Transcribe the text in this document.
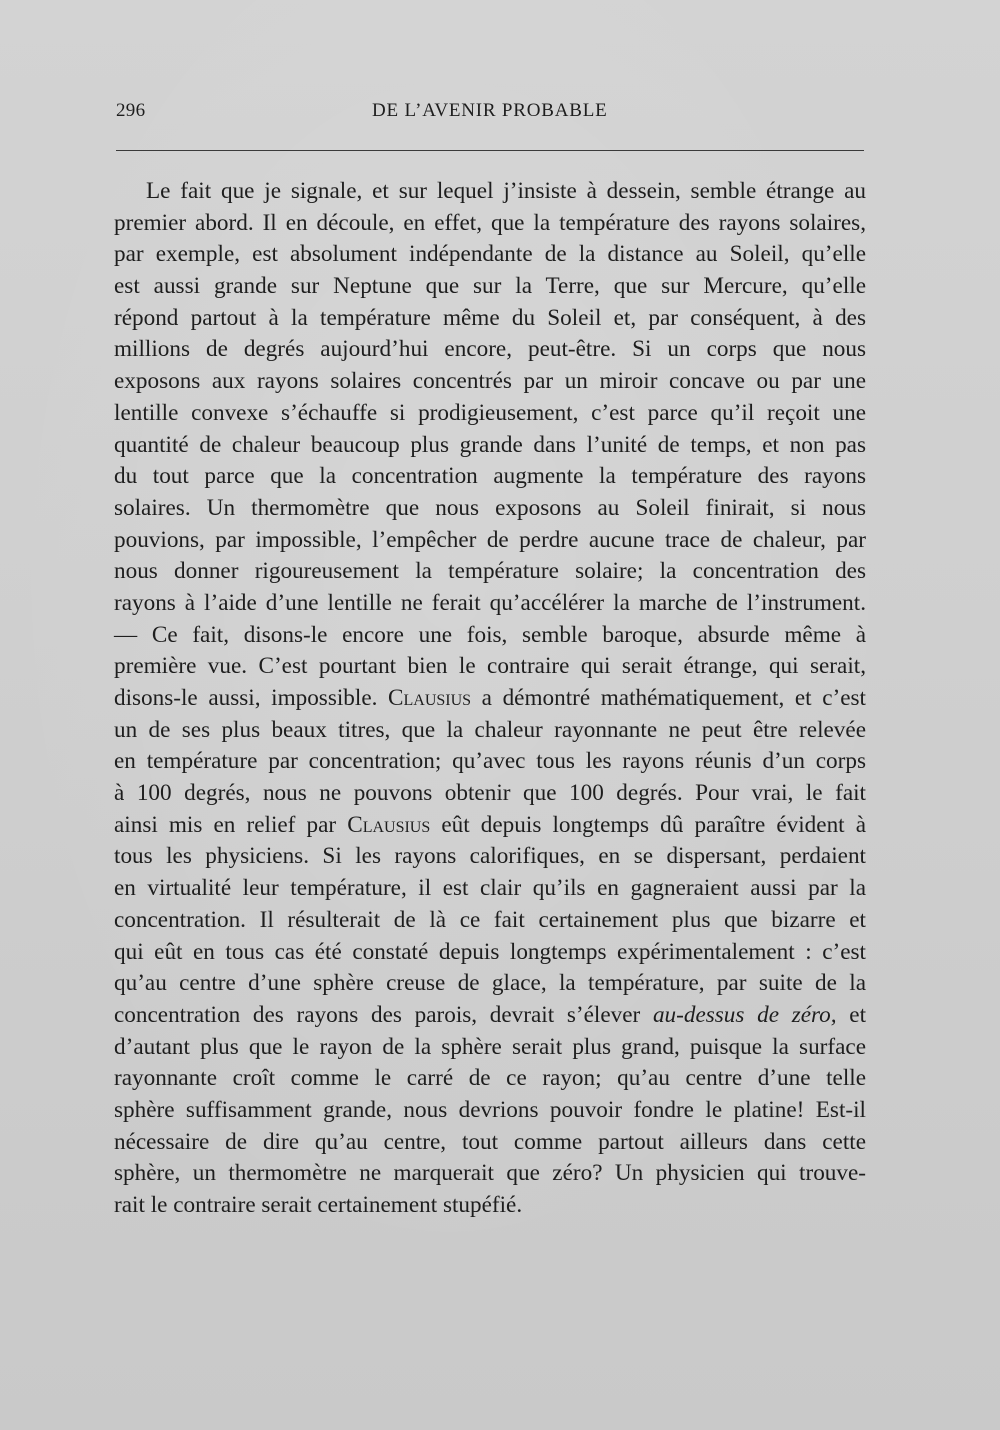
296	DE L’AVENIR PROBABLE
Le fait que je signale, et sur lequel j’insiste à dessein, semble étrange au
premier abord. Il en découle, en effet, que la température des rayons solaires,
par exemple, est absolument indépendante de la distance au Soleil, qu’elle
est aussi grande sur Neptune que sur la Terre, que sur Mercure, qu’elle
répond partout à la température même du Soleil et, par conséquent, à des
millions de degrés aujourd’hui encore, peut-être. Si un corps que nous
exposons aux rayons solaires concentrés par un miroir concave ou par une
lentille convexe s’échauffe si prodigieusement, c’est parce qu’il reçoit une
quantité de chaleur beaucoup plus grande dans l’unité de temps, et non pas
du tout parce que la concentration augmente la température des rayons
solaires. Un thermomètre que nous exposons au Soleil finirait, si nous
pouvions, par impossible, l’empêcher de perdre aucune trace de chaleur, par
nous donner rigoureusement la température solaire; la concentration des
rayons à l’aide d’une lentille ne ferait qu’accélérer la marche de l’instrument.
— Ce fait, disons-le encore une fois, semble baroque, absurde même à
première vue. C’est pourtant bien le contraire qui serait étrange, qui serait,
disons-le aussi, impossible. Clausius a démontré mathématiquement, et c’est
un de ses plus beaux titres, que la chaleur rayonnante ne peut être relevée
en température par concentration; qu’avec tous les rayons réunis d’un corps
à 100 degrés, nous ne pouvons obtenir que 100 degrés. Pour vrai, le fait
ainsi mis en relief par Clausius eût depuis longtemps dû paraître évident à
tous les physiciens. Si les rayons calorifiques, en se dispersant, perdaient
en virtualité leur température, il est clair qu’ils en gagneraient aussi par la
concentration. Il résulterait de là ce fait certainement plus que bizarre et
qui eût en tous cas été constaté depuis longtemps expérimentalement : c’est
qu’au centre d’une sphère creuse de glace, la température, par suite de la
concentration des rayons des parois, devrait s’élever au-dessus de zéro, et
d’autant plus que le rayon de la sphère serait plus grand, puisque la surface
rayonnante croît comme le carré de ce rayon; qu’au centre d’une telle
sphère suffisamment grande, nous devrions pouvoir fondre le platine! Est-il
nécessaire de dire qu’au centre, tout comme partout ailleurs dans cette
sphère, un thermomètre ne marquerait que zéro? Un physicien qui trouve-
rait le contraire serait certainement stupéfié.
